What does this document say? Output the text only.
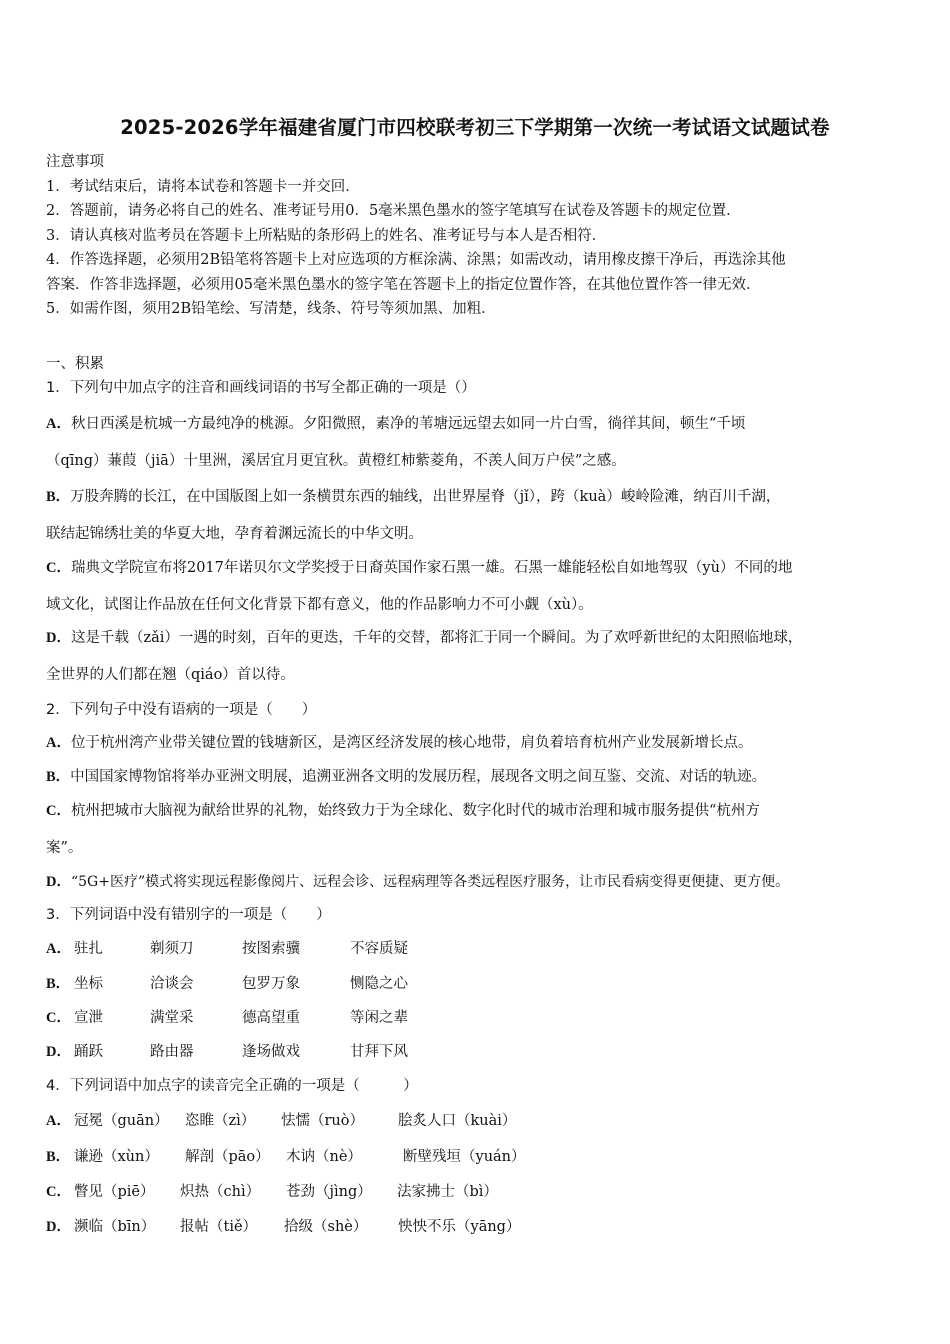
2025-2026学年福建省厦门市四校联考初三下学期第一次统一考试语文试题试卷
注意事项
1．考试结束后，请将本试卷和答题卡一并交回．
2．答题前，请务必将自己的姓名、准考证号用0．5毫米黑色墨水的签字笔填写在试卷及答题卡的规定位置．
3．请认真核对监考员在答题卡上所粘贴的条形码上的姓名、准考证号与本人是否相符．
4．作答选择题，必须用2B铅笔将答题卡上对应选项的方框涂满、涂黑；如需改动，请用橡皮擦干净后，再选涂其他
答案．作答非选择题，必须用05毫米黑色墨水的签字笔在答题卡上的指定位置作答，在其他位置作答一律无效．
5．如需作图，须用2B铅笔绘、写清楚，线条、符号等须加黑、加粗．
一、积累
1．下列句中加点字的注音和画线词语的书写全都正确的一项是（）
A．秋日西溪是杭城一方最纯净的桃源。夕阳微照，素净的苇塘远远望去如同一片白雪，徜徉其间，顿生“千顷
（qīng）蒹葭（jiā）十里洲，溪居宜月更宜秋。黄橙红柿紫菱角，不羡人间万户侯”之感。
B．万股奔腾的长江，在中国版图上如一条横贯东西的轴线，出世界屋脊（jǐ），跨（kuà）峻岭险滩，纳百川千湖，
联结起锦绣壮美的华夏大地，孕育着渊远流长的中华文明。
C．瑞典文学院宣布将2017年诺贝尔文学奖授于日裔英国作家石黑一雄。石黑一雄能轻松自如地驾驭（yù）不同的地
域文化，试图让作品放在任何文化背景下都有意义，他的作品影响力不可小觑（xù）。
D．这是千载（zǎi）一遇的时刻，百年的更迭，千年的交替，都将汇于同一个瞬间。为了欢呼新世纪的太阳照临地球，
全世界的人们都在翘（qiáo）首以待。
2．下列句子中没有语病的一项是（　　）
A．位于杭州湾产业带关键位置的钱塘新区，是湾区经济发展的核心地带，肩负着培育杭州产业发展新增长点。
B．中国国家博物馆将举办亚洲文明展，追溯亚洲各文明的发展历程，展现各文明之间互鉴、交流、对话的轨迹。
C．杭州把城市大脑视为献给世界的礼物，始终致力于为全球化、数字化时代的城市治理和城市服务提供“杭州方
案”。
D．“5G+医疗”模式将实现远程影像阅片、远程会诊、远程病理等各类远程医疗服务，让市民看病变得更便捷、更方便。
3．下列词语中没有错别字的一项是（　　）
A． 驻扎	剃须刀	按图索骥	不容质疑
B． 坐标	洽谈会	包罗万象	恻隐之心
C． 宣泄	满堂采	德高望重	等闲之辈
D． 踊跃	路由器	逢场做戏	甘拜下风
4．下列词语中加点字的读音完全正确的一项是（　　　）
A． 冠冕（guān） 恣睢（zì） 怯懦（ruò） 脍炙人口（kuài）
B． 谦逊（xùn） 解剖（pāo） 木讷（nè）	断壁残垣（yuán）
C． 瞥见（piē） 炽热（chì） 苍劲（jìng） 法家拂士（bì）
D． 濒临（bīn） 报帖（tiě） 拾级（shè） 怏怏不乐（yāng）
